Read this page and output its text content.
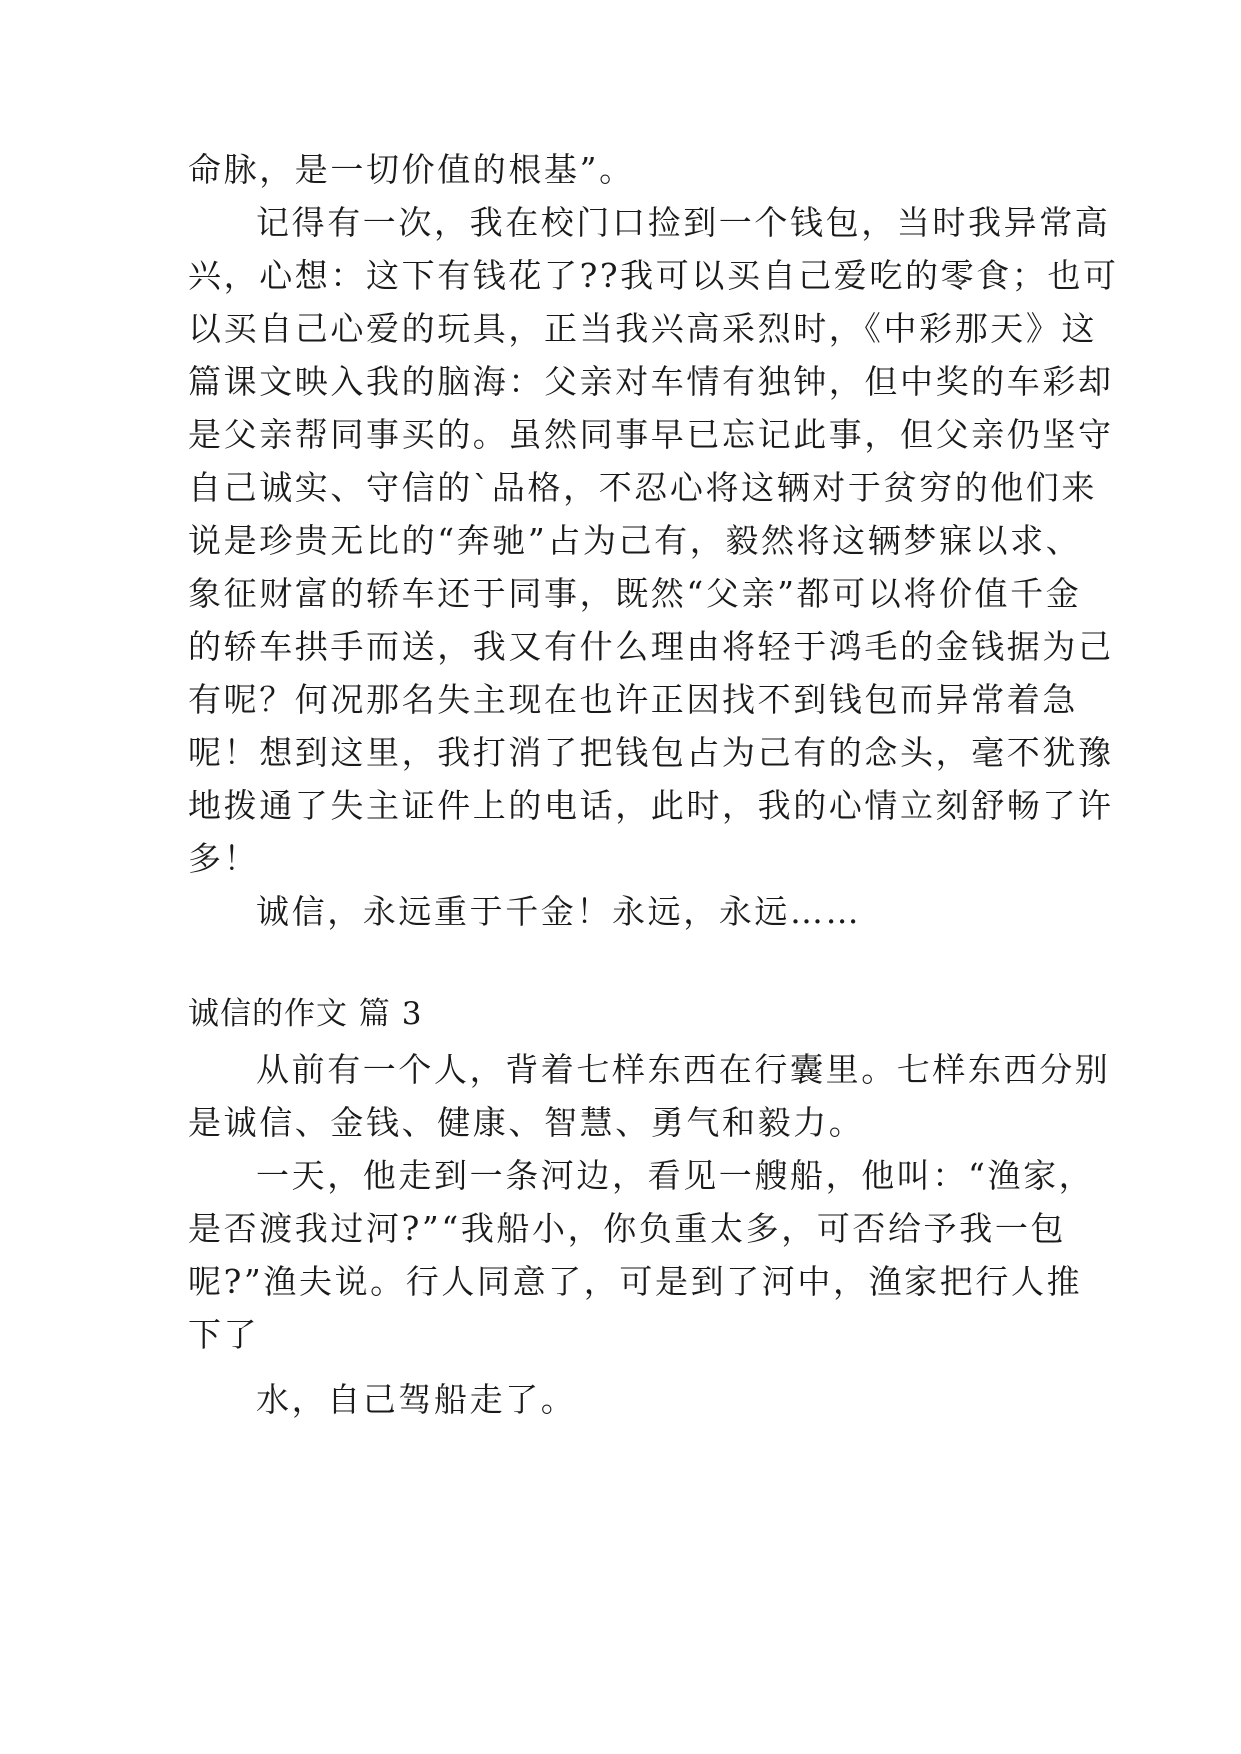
命脉，是一切价值的根基”。
记得有一次，我在校门口捡到一个钱包，当时我异常高
兴，心想：这下有钱花了??我可以买自己爱吃的零食；也可
以买自己心爱的玩具，正当我兴高采烈时，《中彩那天》这
篇课文映入我的脑海：父亲对车情有独钟，但中奖的车彩却
是父亲帮同事买的。虽然同事早已忘记此事，但父亲仍坚守
自己诚实、守信的`品格，不忍心将这辆对于贫穷的他们来
说是珍贵无比的“奔驰”占为己有，毅然将这辆梦寐以求、
象征财富的轿车还于同事，既然“父亲”都可以将价值千金
的轿车拱手而送，我又有什么理由将轻于鸿毛的金钱据为己
有呢？何况那名失主现在也许正因找不到钱包而异常着急
呢！想到这里，我打消了把钱包占为己有的念头，毫不犹豫
地拨通了失主证件上的电话，此时，我的心情立刻舒畅了许
多！
诚信，永远重于千金！永远，永远……
诚信的作文 篇 3
从前有一个人，背着七样东西在行囊里。七样东西分别
是诚信、金钱、健康、智慧、勇气和毅力。
一天，他走到一条河边，看见一艘船，他叫：“渔家，
是否渡我过河?”“我船小，你负重太多，可否给予我一包
呢?”渔夫说。行人同意了，可是到了河中，渔家把行人推
下了
水，自己驾船走了。
